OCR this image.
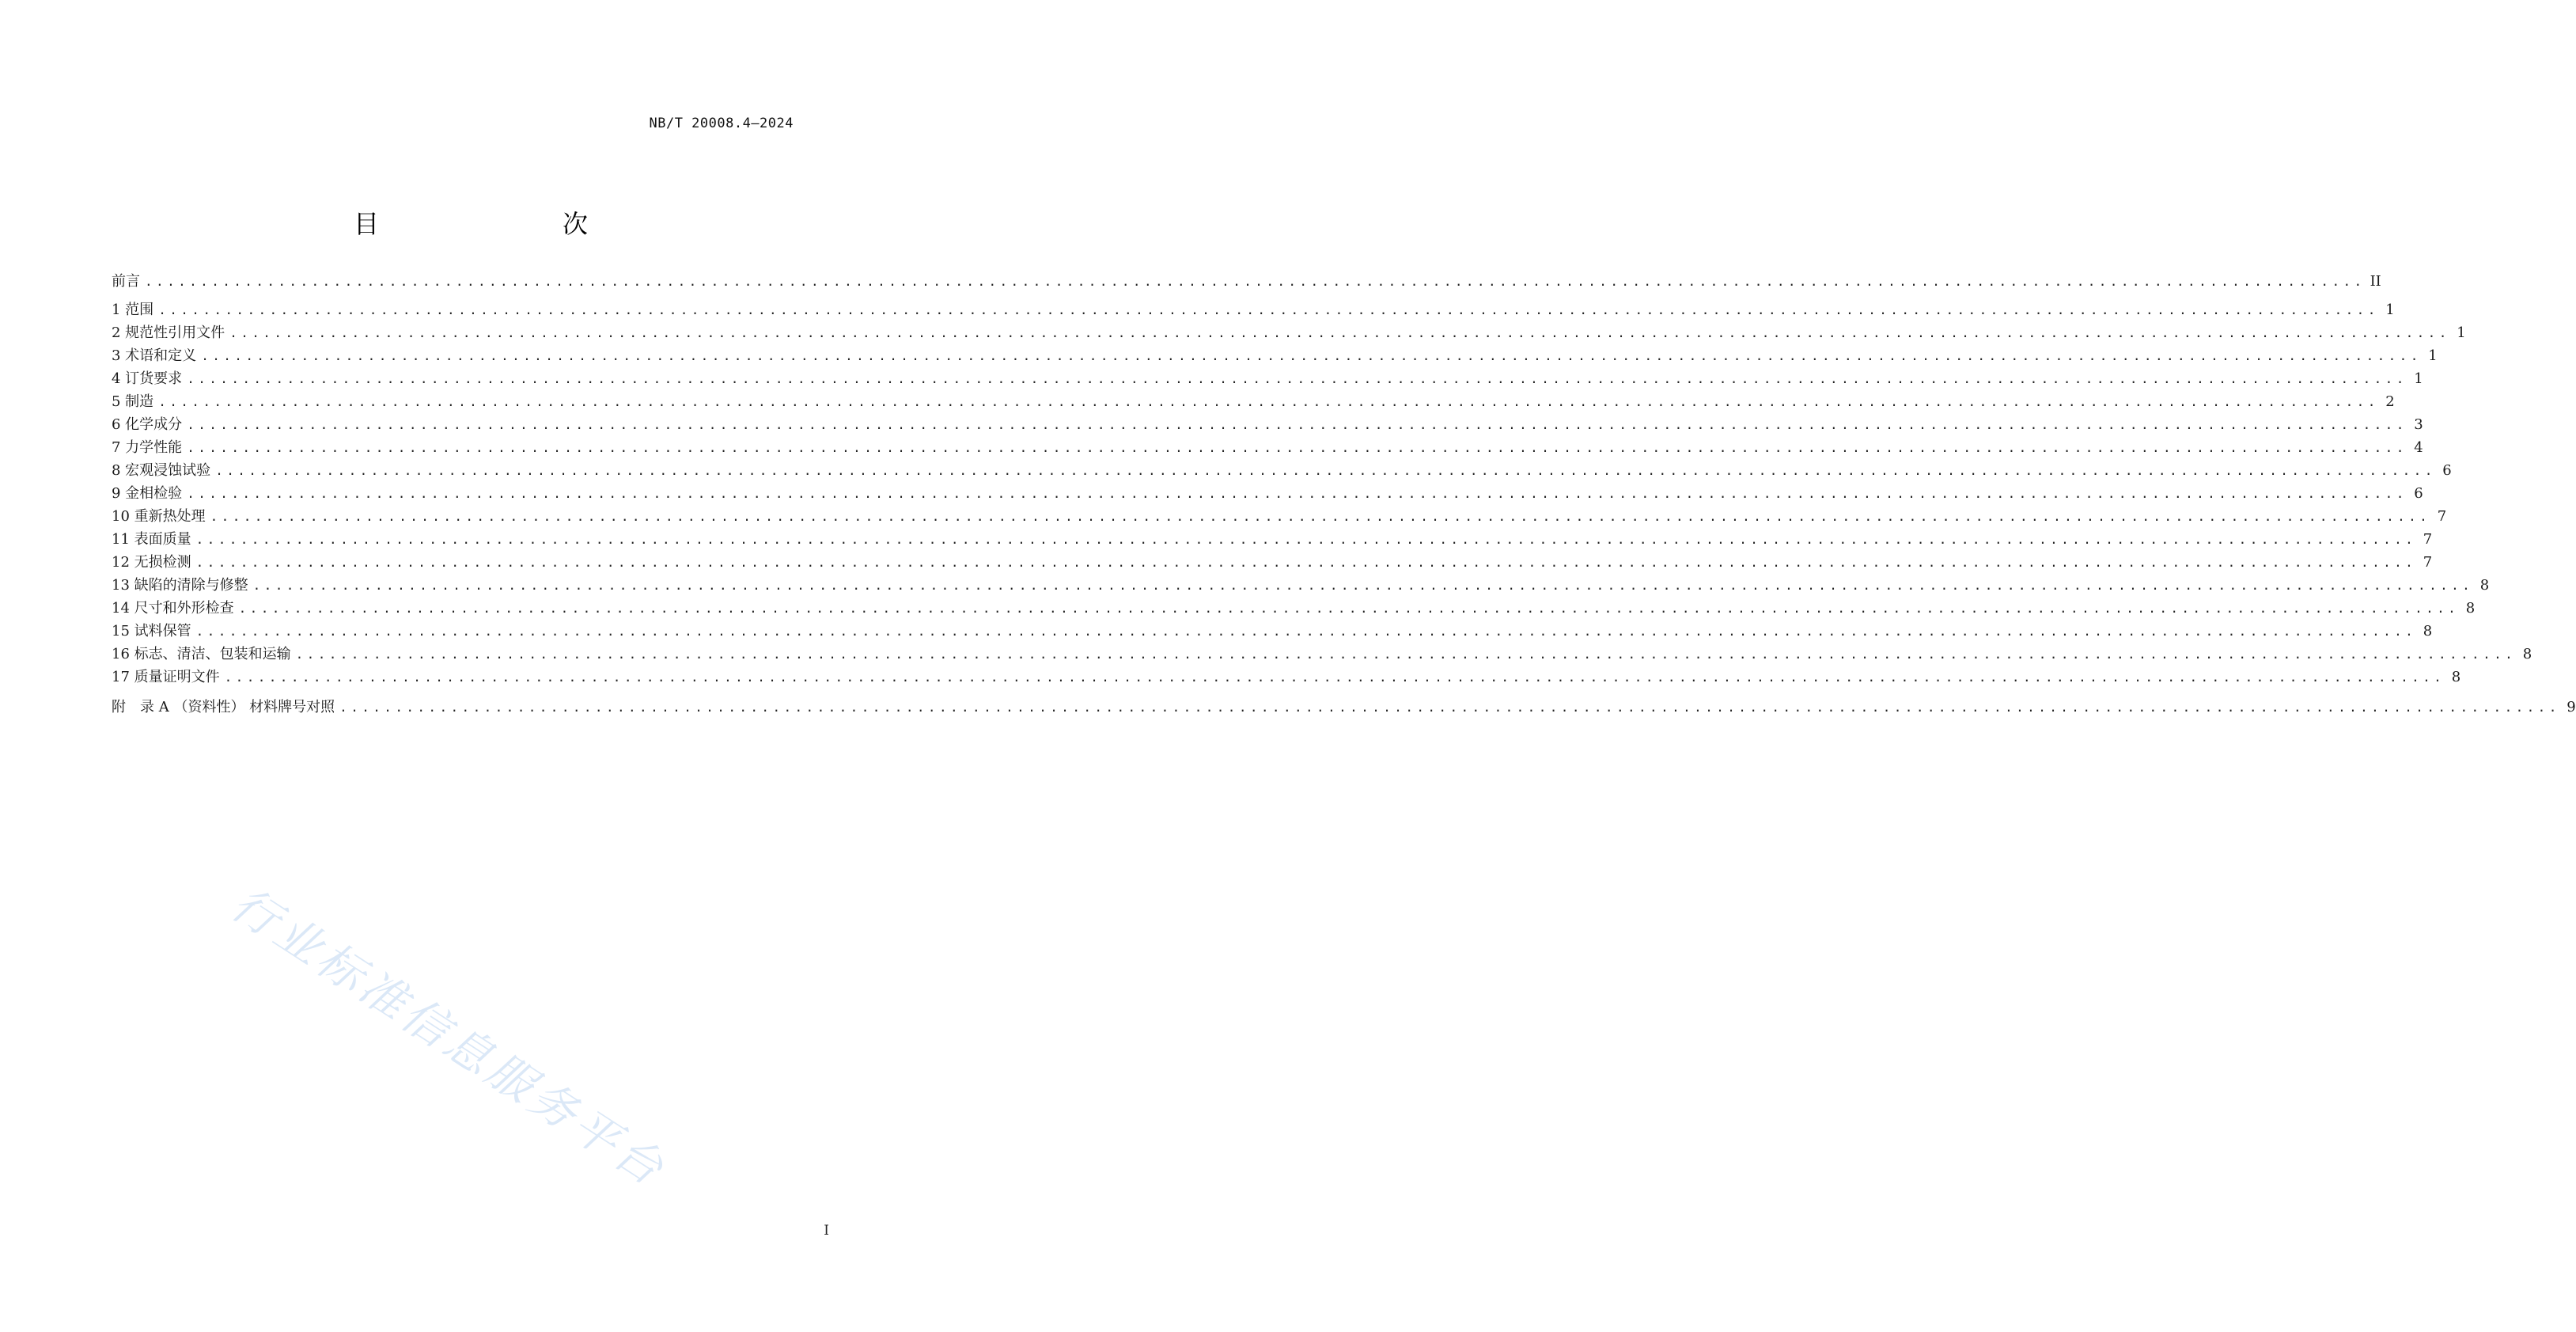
NB/T 20008.4—2024
目　　次
前言 ........................................................................................................................................................................................................ II
1 范围 ........................................................................................................................................................................................................ 1
2 规范性引用文件 ........................................................................................................................................................................................................ 1
3 术语和定义 ........................................................................................................................................................................................................ 1
4 订货要求 ........................................................................................................................................................................................................ 1
5 制造 ........................................................................................................................................................................................................ 2
6 化学成分 ........................................................................................................................................................................................................ 3
7 力学性能 ........................................................................................................................................................................................................ 4
8 宏观浸蚀试验 ........................................................................................................................................................................................................ 6
9 金相检验 ........................................................................................................................................................................................................ 6
10 重新热处理 ........................................................................................................................................................................................................ 7
11 表面质量 ........................................................................................................................................................................................................ 7
12 无损检测 ........................................................................................................................................................................................................ 7
13 缺陷的清除与修整 ........................................................................................................................................................................................................ 8
14 尺寸和外形检查 ........................................................................................................................................................................................................ 8
15 试料保管 ........................................................................................................................................................................................................ 8
16 标志、清洁、包装和运输 ........................................................................................................................................................................................................ 8
17 质量证明文件 ........................................................................................................................................................................................................ 8
附　录 A （资料性） 材料牌号对照 ........................................................................................................................................................................................................ 9
行业标准信息服务平台
I
